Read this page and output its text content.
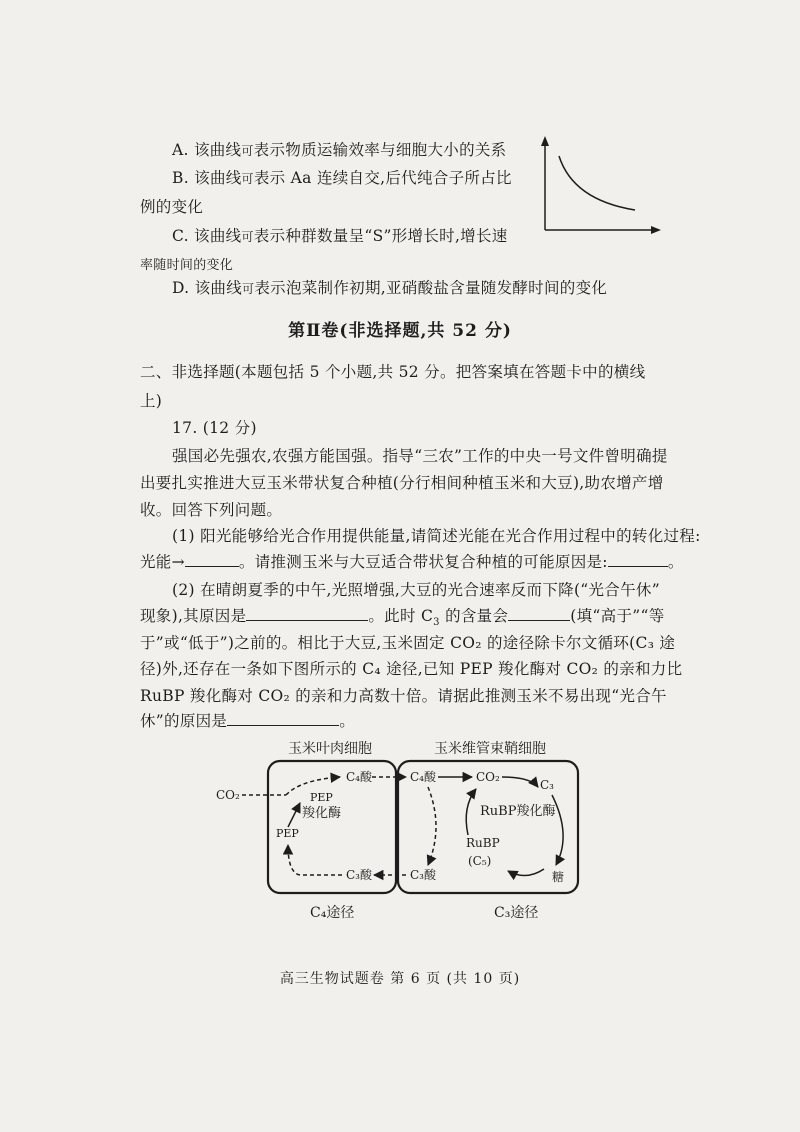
A. 该曲线可表示物质运输效率与细胞大小的关系
B. 该曲线可表示 Aa 连续自交,后代纯合子所占比
例的变化
C. 该曲线可表示种群数量呈“S”形增长时,增长速
率随时间的变化
D. 该曲线可表示泡菜制作初期,亚硝酸盐含量随发酵时间的变化
第Ⅱ卷(非选择题,共 52 分)
二、非选择题(本题包括 5 个小题,共 52 分。把答案填在答题卡中的横线
上)
17. (12 分)
强国必先强农,农强方能国强。指导“三农”工作的中央一号文件曾明确提
出要扎实推进大豆玉米带状复合种植(分行相间种植玉米和大豆),助农增产增
收。回答下列问题。
(1) 阳光能够给光合作用提供能量,请简述光能在光合作用过程中的转化过程:
光能→	。请推测玉米与大豆适合带状复合种植的可能原因是:	。
(2) 在晴朗夏季的中午,光照增强,大豆的光合速率反而下降(“光合午休”
现象),其原因是	。此时 $C_3$ 的含量会	(填“高于”“等
于”或“低于”)之前的。相比于大豆,玉米固定 CO₂ 的途径除卡尔文循环(C₃ 途
径)外,还存在一条如下图所示的 C₄ 途径,已知 PEP 羧化酶对 CO₂ 的亲和力比
RuBP 羧化酶对 CO₂ 的亲和力高数十倍。请据此推测玉米不易出现“光合午
休”的原因是	。
玉米叶肉细胞	玉米维管束鞘细胞
CO₂
C₄酸	C₄酸
PEP
羧化酶
PEP
C₃酸	C₃酸
CO₂
C₃
RuBP羧化酶
糖
RuBP
(C₅)
C₄途径	C₃途径
高三生物试题卷 第 6 页 (共 10 页)
